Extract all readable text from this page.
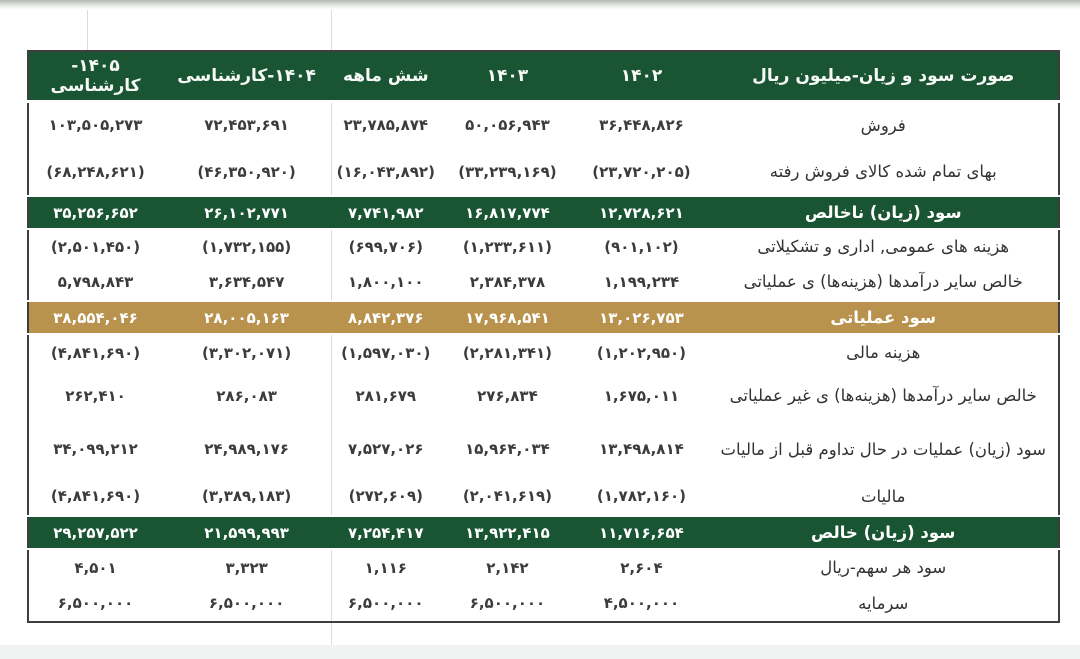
صورت سود و زیان-میلیون ریال	۱۴۰۲	۱۴۰۳	شش ماهه	۱۴۰۴-کارشناسی	۱۴۰۵-کارشناسی
فروش	۳۶,۴۴۸,۸۲۶	۵۰,۰۵۶,۹۴۳	۲۳,۷۸۵,۸۷۴	۷۲,۴۵۳,۶۹۱	۱۰۳,۵۰۵,۲۷۳
بهای تمام شده کالای فروش رفته	(۲۳,۷۲۰,۲۰۵)	(۳۳,۲۳۹,۱۶۹)	(۱۶,۰۴۳,۸۹۲)	(۴۶,۳۵۰,۹۲۰)	(۶۸,۲۴۸,۶۲۱)
سود (زیان) ناخالص	۱۲,۷۲۸,۶۲۱	۱۶,۸۱۷,۷۷۴	۷,۷۴۱,۹۸۲	۲۶,۱۰۲,۷۷۱	۳۵,۲۵۶,۶۵۲
هزینه های عمومی, اداری و تشکیلاتی	(۹۰۱,۱۰۲)	(۱,۲۳۳,۶۱۱)	(۶۹۹,۷۰۶)	(۱,۷۳۲,۱۵۵)	(۲,۵۰۱,۴۵۰)
خالص سایر درآمدها (هزینه‌ها) ی عملیاتی	۱,۱۹۹,۲۳۴	۲,۳۸۴,۳۷۸	۱,۸۰۰,۱۰۰	۳,۶۳۴,۵۴۷	۵,۷۹۸,۸۴۳
سود عملیاتی	۱۳,۰۲۶,۷۵۳	۱۷,۹۶۸,۵۴۱	۸,۸۴۲,۳۷۶	۲۸,۰۰۵,۱۶۳	۳۸,۵۵۴,۰۴۶
هزینه مالی	(۱,۲۰۲,۹۵۰)	(۲,۲۸۱,۳۴۱)	(۱,۵۹۷,۰۳۰)	(۳,۳۰۲,۰۷۱)	(۴,۸۴۱,۶۹۰)
خالص سایر درآمدها (هزینه‌ها) ی غیر عملیاتی	۱,۶۷۵,۰۱۱	۲۷۶,۸۳۴	۲۸۱,۶۷۹	۲۸۶,۰۸۳	۲۶۲,۴۱۰
سود (زیان) عملیات در حال تداوم قبل از مالیات	۱۳,۴۹۸,۸۱۴	۱۵,۹۶۴,۰۳۴	۷,۵۲۷,۰۲۶	۲۴,۹۸۹,۱۷۶	۳۴,۰۹۹,۲۱۲
مالیات	(۱,۷۸۲,۱۶۰)	(۲,۰۴۱,۶۱۹)	(۲۷۲,۶۰۹)	(۳,۳۸۹,۱۸۳)	(۴,۸۴۱,۶۹۰)
سود (زیان) خالص	۱۱,۷۱۶,۶۵۴	۱۳,۹۲۲,۴۱۵	۷,۲۵۴,۴۱۷	۲۱,۵۹۹,۹۹۳	۲۹,۲۵۷,۵۲۲
سود هر سهم-ریال	۲,۶۰۴	۲,۱۴۲	۱,۱۱۶	۳,۳۲۳	۴,۵۰۱
سرمایه	۴,۵۰۰,۰۰۰	۶,۵۰۰,۰۰۰	۶,۵۰۰,۰۰۰	۶,۵۰۰,۰۰۰	۶,۵۰۰,۰۰۰
